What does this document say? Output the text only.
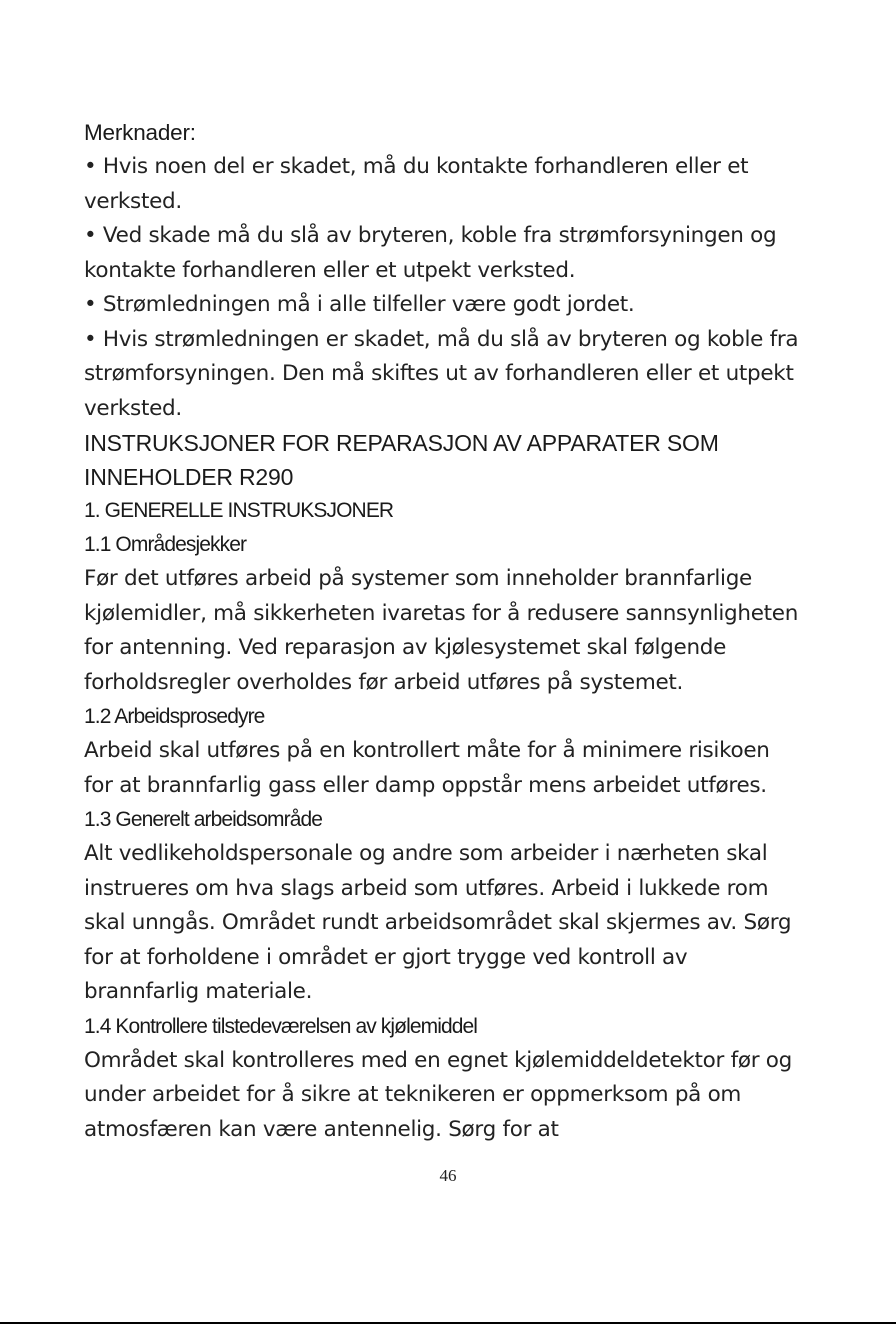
Merknader:
• Hvis noen del er skadet, må du kontakte forhandleren eller et
verksted.
• Ved skade må du slå av bryteren, koble fra strømforsyningen og
kontakte forhandleren eller et utpekt verksted.
• Strømledningen må i alle tilfeller være godt jordet.
• Hvis strømledningen er skadet, må du slå av bryteren og koble fra
strømforsyningen. Den må skiftes ut av forhandleren eller et utpekt
verksted.
INSTRUKSJONER FOR REPARASJON AV APPARATER SOM
INNEHOLDER R290
1. GENERELLE INSTRUKSJONER
1.1 Områdesjekker
Før det utføres arbeid på systemer som inneholder brannfarlige
kjølemidler, må sikkerheten ivaretas for å redusere sannsynligheten
for antenning. Ved reparasjon av kjølesystemet skal følgende
forholdsregler overholdes før arbeid utføres på systemet.
1.2 Arbeidsprosedyre
Arbeid skal utføres på en kontrollert måte for å minimere risikoen
for at brannfarlig gass eller damp oppstår mens arbeidet utføres.
1.3 Generelt arbeidsområde
Alt vedlikeholdspersonale og andre som arbeider i nærheten skal
instrueres om hva slags arbeid som utføres. Arbeid i lukkede rom
skal unngås. Området rundt arbeidsområdet skal skjermes av. Sørg
for at forholdene i området er gjort trygge ved kontroll av
brannfarlig materiale.
1.4 Kontrollere tilstedeværelsen av kjølemiddel
Området skal kontrolleres med en egnet kjølemiddeldetektor før og
under arbeidet for å sikre at teknikeren er oppmerksom på om
atmosfæren kan være antennelig. Sørg for at
46
